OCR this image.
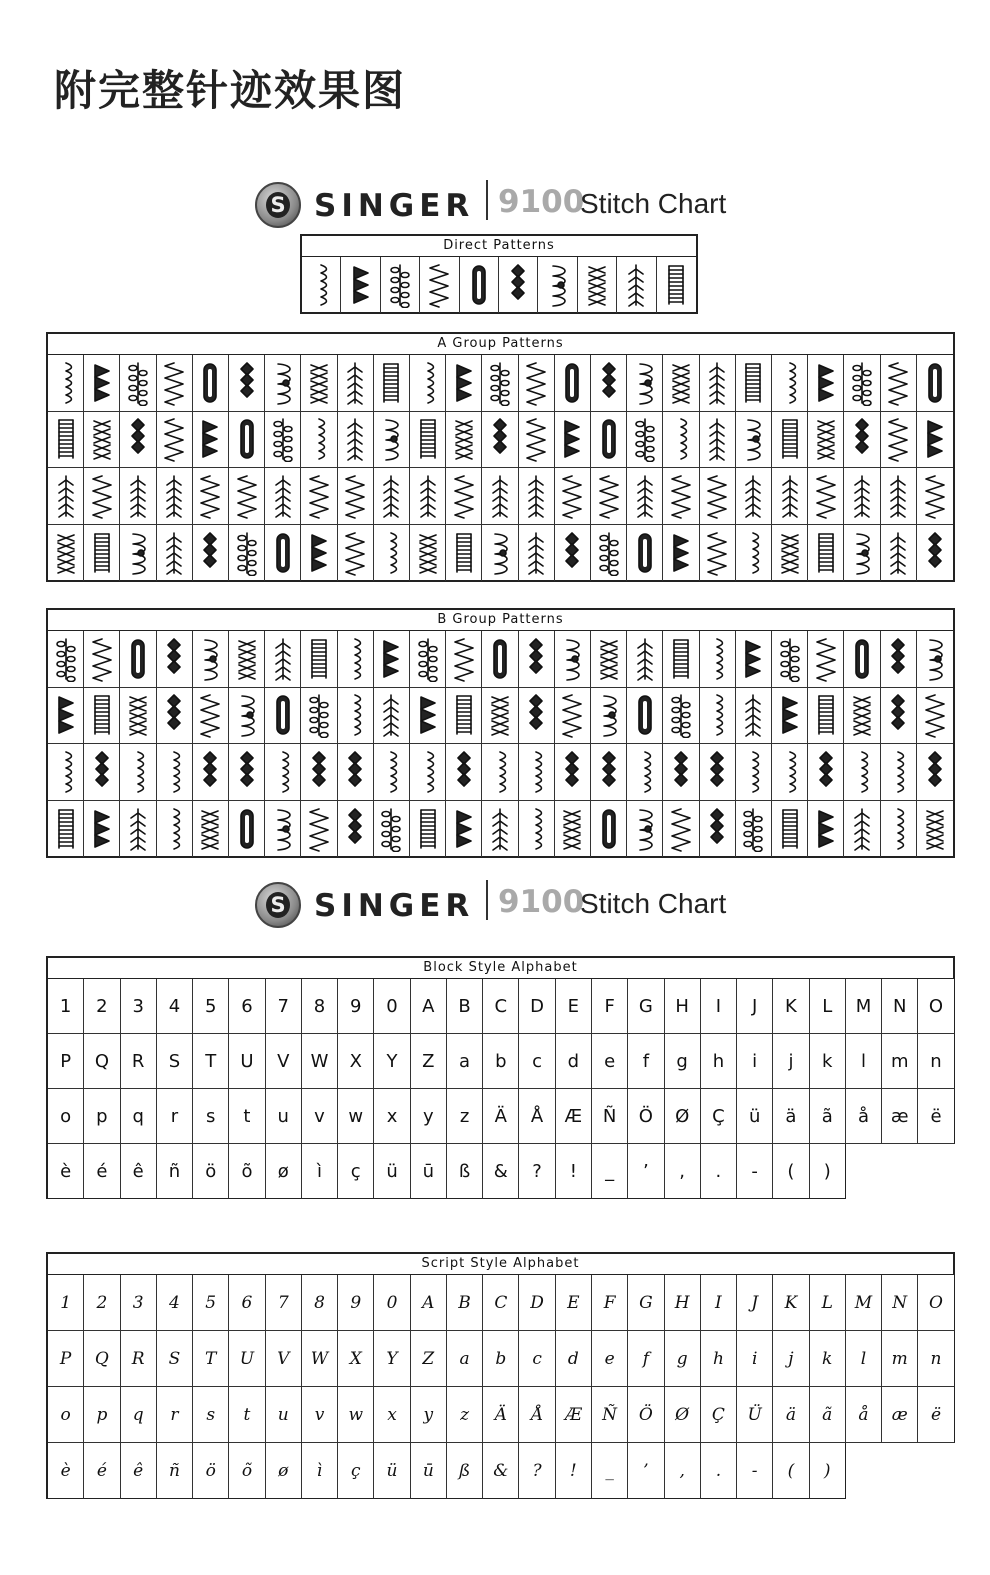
附完整针迹效果图
S SINGER 9100
Stitch Chart
Direct Patterns
A Group Patterns
B Group Patterns
S SINGER 9100
Stitch Chart
Block Style Alphabet
1 2 3 4 5 6 7 8 9 0 A B C D E F G H I J K L M N O
P Q R S T U V W X Y Z a b c d e f g h i j k l m n
o p q r s t u v w x y z Ä Å Æ Ñ Ö Ø Ç ü ä ã å æ ë
è é ê ñ ö õ ø ì ç ü ū ß & ? ! _ ’ , . - ( )
Script Style Alphabet
1 2 3 4 5 6 7 8 9 0 A B C D E F G H I J K L M N O
P Q R S T U V W X Y Z a b c d e f g h i j k l m n
o p q r s t u v w x y z Ä Å Æ Ñ Ö Ø Ç Ü ä ã å æ ë
è é ê ñ ö õ ø ì ç ü ū ß & ? ! _ ’ , . - ( )
